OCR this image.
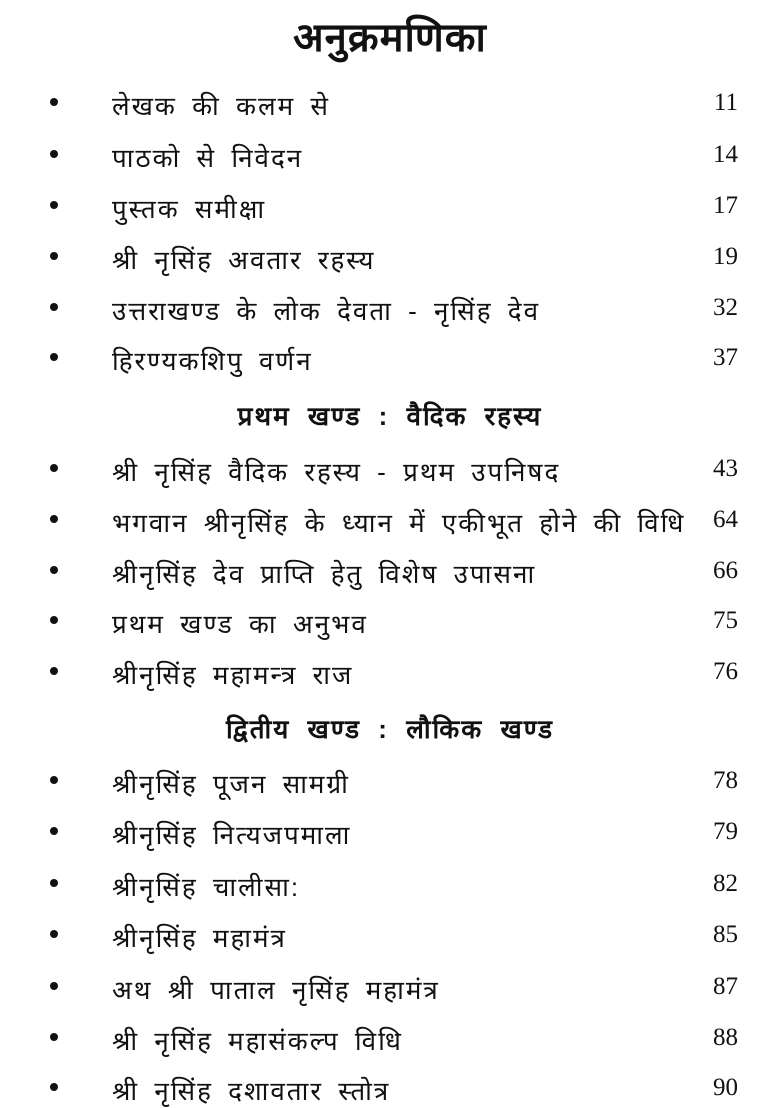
अनुक्रमणिका
लेखक की कलम से	11
पाठको से निवेदन	14
पुस्तक समीक्षा	17
श्री नृसिंह अवतार रहस्य	19
उत्तराखण्ड के लोक देवता - नृसिंह देव	32
हिरण्यकशिपु वर्णन	37
प्रथम खण्ड : वैदिक रहस्य
श्री नृसिंह वैदिक रहस्य - प्रथम उपनिषद	43
भगवान श्रीनृसिंह के ध्यान में एकीभूत होने की विधि 64
श्रीनृसिंह देव प्राप्ति हेतु विशेष उपासना	66
प्रथम खण्ड का अनुभव	75
श्रीनृसिंह महामन्त्र राज	76
द्वितीय खण्ड : लौकिक खण्ड
श्रीनृसिंह पूजन सामग्री	78
श्रीनृसिंह नित्यजपमाला	79
श्रीनृसिंह चालीसा:	82
श्रीनृसिंह महामंत्र	85
अथ श्री पाताल नृसिंह महामंत्र	87
श्री नृसिंह महासंकल्प विधि	88
श्री नृसिंह दशावतार स्तोत्र	90
